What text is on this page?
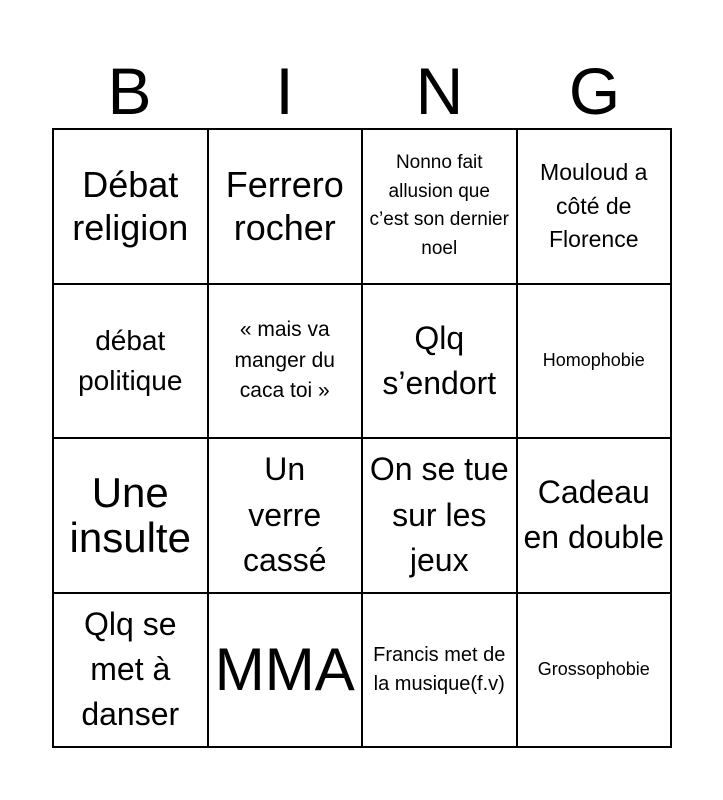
B	I	N	G
Débat religion
Ferrero rocher
Nonno fait allusion que c’est son dernier noel
Mouloud a côté de Florence
débat politique
« mais va manger du caca toi »
Qlq s’endort
Homophobie
Une insulte
Un verre cassé
On se tue sur les jeux
Cadeau en double
Qlq se met à danser
MMA Francis met de la musique(f.v)
Grossophobie
